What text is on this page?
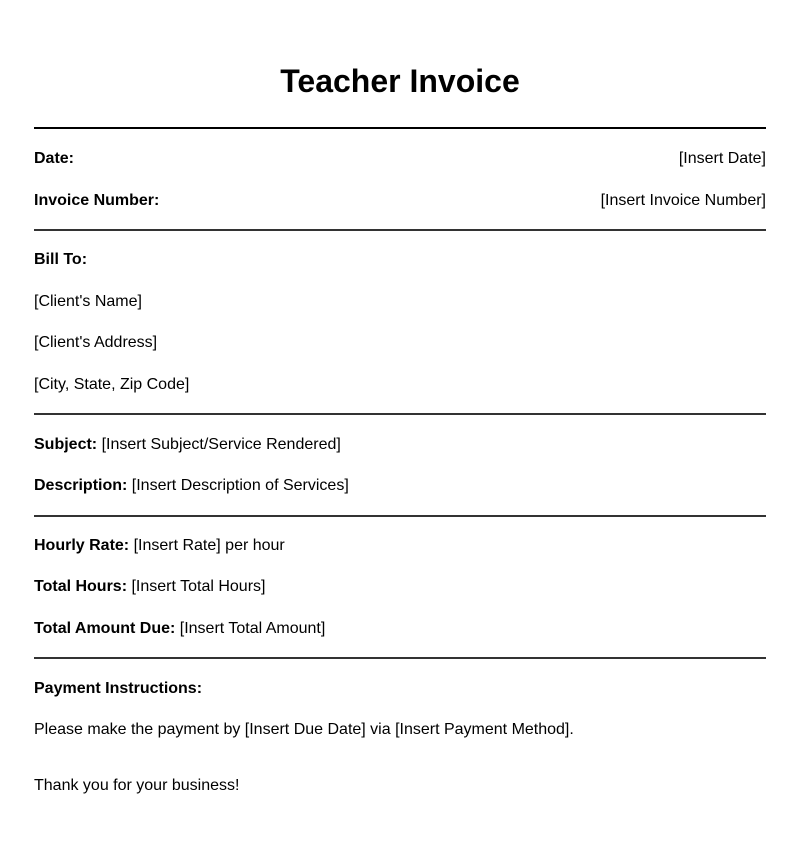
Teacher Invoice
Date:	[Insert Date]
Invoice Number:	[Insert Invoice Number]
Bill To:
[Client's Name]
[Client's Address]
[City, State, Zip Code]
Subject: [Insert Subject/Service Rendered]
Description: [Insert Description of Services]
Hourly Rate: [Insert Rate] per hour
Total Hours: [Insert Total Hours]
Total Amount Due: [Insert Total Amount]
Payment Instructions:
Please make the payment by [Insert Due Date] via [Insert Payment Method].
Thank you for your business!
